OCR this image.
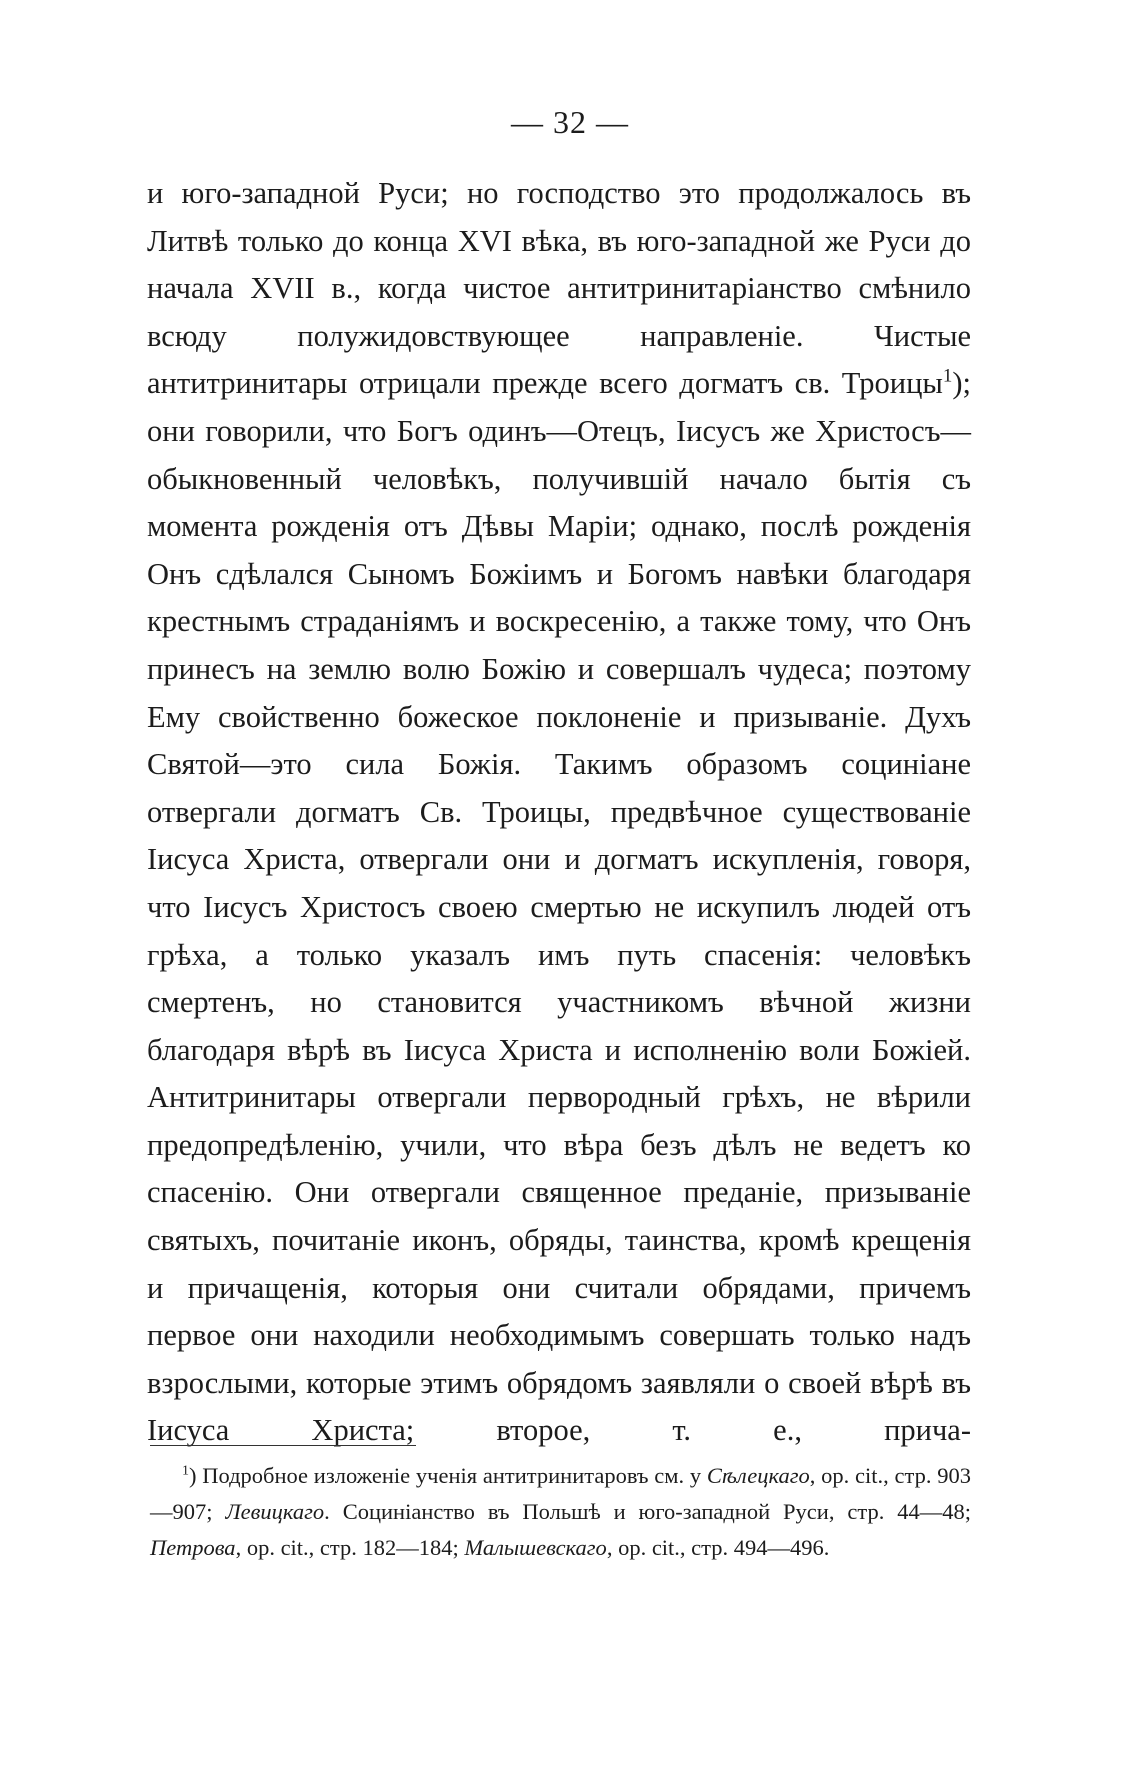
— 32 —

и юго-западной Руси; но господство это продолжалось въ Литвѣ только до конца XVI вѣка, въ юго-западной же Руси до начала XVII в., когда чистое антитринитаріанство смѣнило всюду полужидовствующее направленіе. Чистые антитринитары отрицали прежде всего догматъ св. Троицы$^1$); они говорили, что Богъ одинъ—Отецъ, Іисусъ же Христосъ—обыкновенный человѣкъ, получившій начало бытія съ момента рожденія отъ Дѣвы Маріи; однако, послѣ рожденія Онъ сдѣлался Сыномъ Божіимъ и Богомъ навѣки благодаря крестнымъ страданіямъ и воскресенію, а также тому, что Онъ принесъ на землю волю Божію и совершалъ чудеса; поэтому Ему свойственно божеское поклоненіе и призываніе. Духъ Святой—это сила Божія. Такимъ образомъ социніане отвергали догматъ Св. Троицы, предвѣчное существованіе Іисуса Христа, отвергали они и догматъ искупленія, говоря, что Іисусъ Христосъ своею смертью не искупилъ людей отъ грѣха, а только указалъ имъ путь спасенія: человѣкъ смертенъ, но становится участникомъ вѣчной жизни благодаря вѣрѣ въ Іисуса Христа и исполненію воли Божіей. Антитринитары отвергали первородный грѣхъ, не вѣрили предопредѣленію, учили, что вѣра безъ дѣлъ не ведетъ ко спасенію. Они отвергали священное преданіе, призываніе святыхъ, почитаніе иконъ, обряды, таинства, кромѣ крещенія и причащенія, которыя они считали обрядами, причемъ первое они находили необходимымъ совершать только надъ взрослыми, которые этимъ обрядомъ заявляли о своей вѣрѣ въ Іисуса Христа; второе, т. е., прича-

$^1$) Подробное изложеніе ученія антитринитаровъ см. у Сѣлецкаго, op. cit., стр. 903—907; Левицкаго. Социніанство въ Польшѣ и юго-западной Руси, стр. 44—48; Петрова, op. cit., стр. 182—184; Малышевскаго, op. cit., стр. 494—496.
